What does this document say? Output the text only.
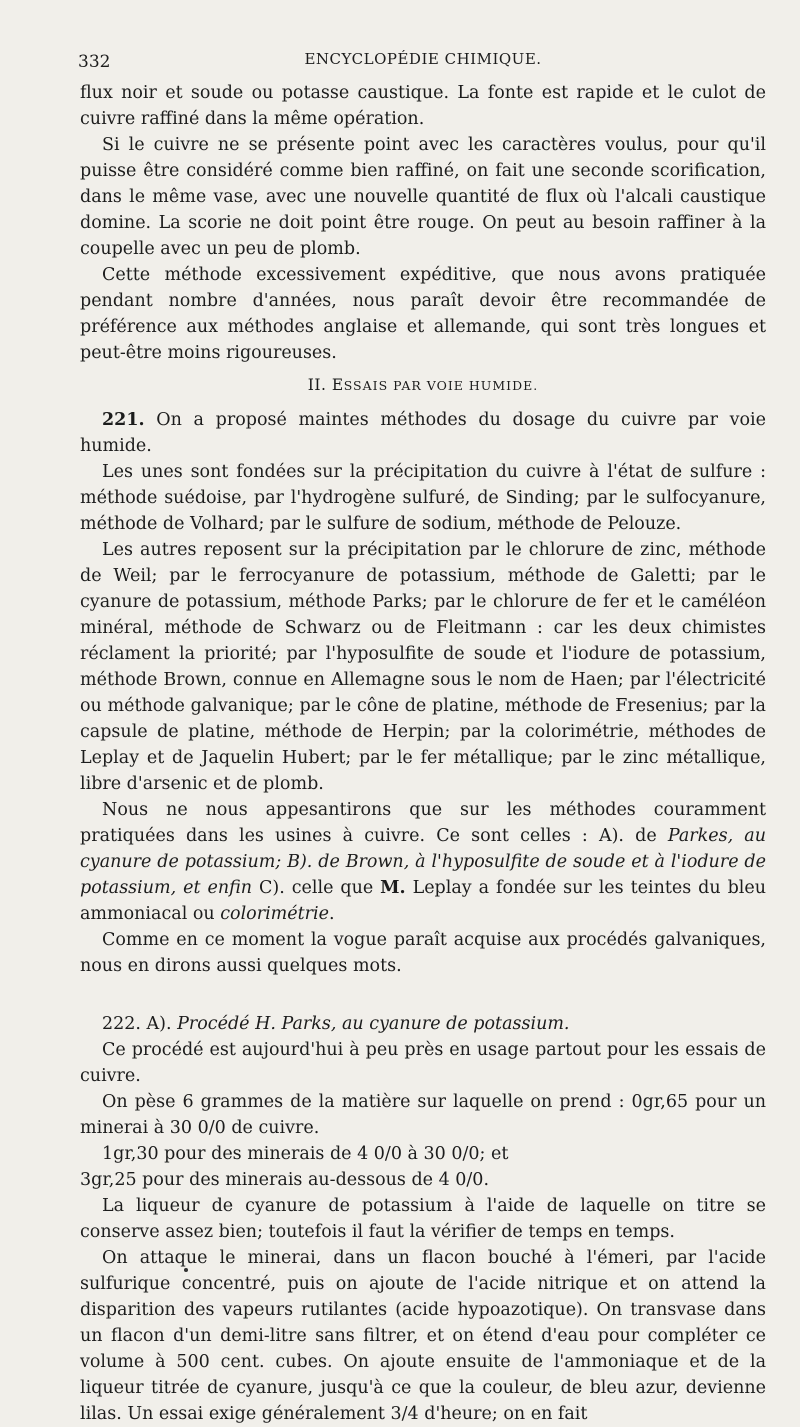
332	ENCYCLOPÉDIE CHIMIQUE.

flux noir et soude ou potasse caustique. La fonte est rapide et le culot de cuivre raffiné dans la même opération.

Si le cuivre ne se présente point avec les caractères voulus, pour qu'il puisse être considéré comme bien raffiné, on fait une seconde scorification, dans le même vase, avec une nouvelle quantité de flux où l'alcali caustique domine. La scorie ne doit point être rouge. On peut au besoin raffiner à la coupelle avec un peu de plomb.

Cette méthode excessivement expéditive, que nous avons pratiquée pendant nombre d'années, nous paraît devoir être recommandée de préférence aux méthodes anglaise et allemande, qui sont très longues et peut-être moins rigoureuses.

II. ESSAIS PAR VOIE HUMIDE.

221. On a proposé maintes méthodes du dosage du cuivre par voie humide.

Les unes sont fondées sur la précipitation du cuivre à l'état de sulfure : méthode suédoise, par l'hydrogène sulfuré, de Sinding; par le sulfocyanure, méthode de Volhard; par le sulfure de sodium, méthode de Pelouze.

Les autres reposent sur la précipitation par le chlorure de zinc, méthode de Weil; par le ferrocyanure de potassium, méthode de Galetti; par le cyanure de potassium, méthode Parks; par le chlorure de fer et le caméléon minéral, méthode de Schwarz ou de Fleitmann : car les deux chimistes réclament la priorité; par l'hyposulfite de soude et l'iodure de potassium, méthode Brown, connue en Allemagne sous le nom de Haen; par l'électricité ou méthode galvanique; par le cône de platine, méthode de Fresenius; par la capsule de platine, méthode de Herpin; par la colorimétrie, méthodes de Leplay et de Jaquelin Hubert; par le fer métallique; par le zinc métallique, libre d'arsenic et de plomb.

Nous ne nous appesantirons que sur les méthodes couramment pratiquées dans les usines à cuivre. Ce sont celles : A). de Parkes, au cyanure de potassium; B). de Brown, à l'hyposulfite de soude et à l'iodure de potassium, et enfin C). celle que M. Leplay a fondée sur les teintes du bleu ammoniacal ou colorimétrie.

Comme en ce moment la vogue paraît acquise aux procédés galvaniques, nous en dirons aussi quelques mots.

222. A). Procédé H. Parks, au cyanure de potassium.

Ce procédé est aujourd'hui à peu près en usage partout pour les essais de cuivre.

On pèse 6 grammes de la matière sur laquelle on prend : 0gr,65 pour un minerai à 30 0/0 de cuivre.

1gr,30 pour des minerais de 4 0/0 à 30 0/0; et

3gr,25 pour des minerais au-dessous de 4 0/0.

La liqueur de cyanure de potassium à l'aide de laquelle on titre se conserve assez bien; toutefois il faut la vérifier de temps en temps.

On attaque le minerai, dans un flacon bouché à l'émeri, par l'acide sulfurique concentré, puis on ajoute de l'acide nitrique et on attend la disparition des vapeurs rutilantes (acide hypoazotique). On transvase dans un flacon d'un demi-litre sans filtrer, et on étend d'eau pour compléter ce volume à 500 cent. cubes. On ajoute ensuite de l'ammoniaque et de la liqueur titrée de cyanure, jusqu'à ce que la couleur, de bleu azur, devienne lilas. Un essai exige généralement 3/4 d'heure; on en fait
